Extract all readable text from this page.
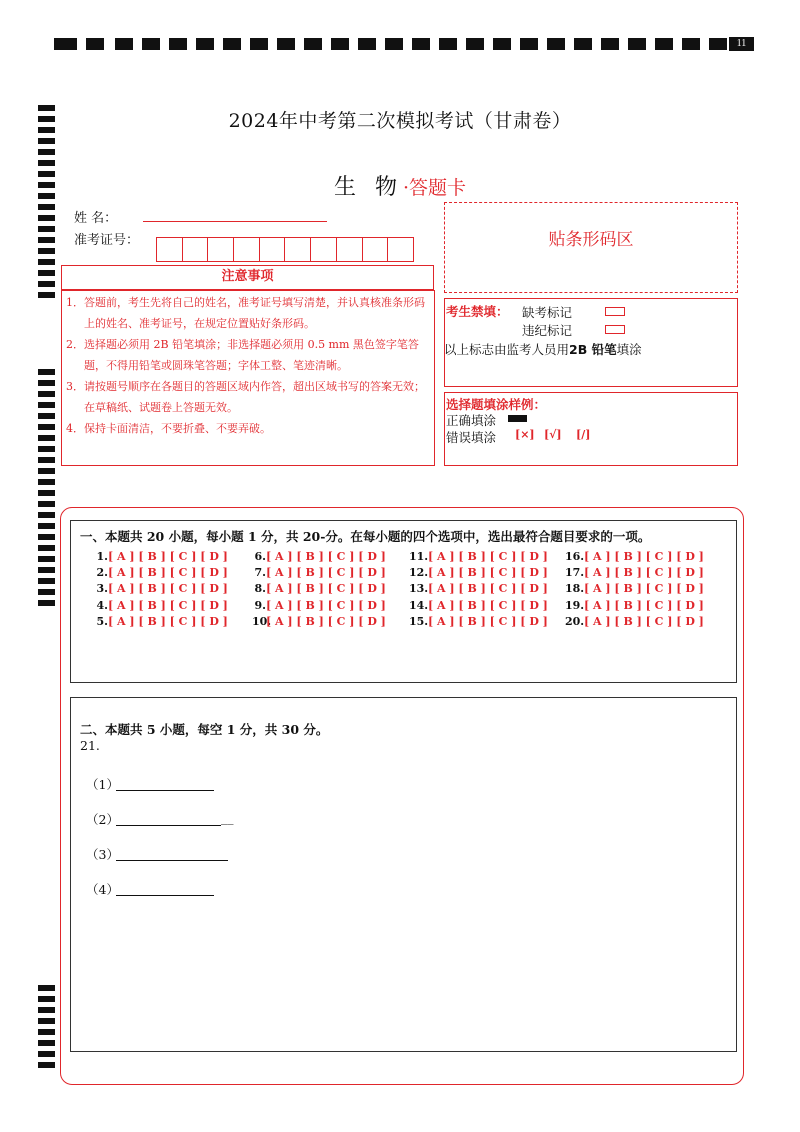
11
2024年中考第二次模拟考试（甘肃卷）
生 物·答题卡
姓 名：
准考证号：
注意事项
1．答题前，考生先将自己的姓名，准考证号填写清楚，并认真核准条形码上的姓名、准考证号，在规定位置贴好条形码。
2．选择题必须用 2B 铅笔填涂；非选择题必须用 0.5 mm 黑色签字笔答题，不得用铅笔或圆珠笔答题；字体工整、笔迹清晰。
3．请按题号顺序在各题目的答题区域内作答，超出区域书写的答案无效；在草稿纸、试题卷上答题无效。
4．保持卡面清洁，不要折叠、不要弄破。
贴条形码区
考生禁填： 缺考标记
违纪标记
以上标志由监考人员用2B 铅笔填涂
选择题填涂样例：
正确填涂
错误填涂 [×] [√] [/]
一、本题共 20 小题，每小题 1 分，共 20-分。在每小题的四个选项中，选出最符合题目要求的一项。
1.[ A ] [ B ] [ C ] [ D ]
2.[ A ] [ B ] [ C ] [ D ]
3.[ A ] [ B ] [ C ] [ D ]
4.[ A ] [ B ] [ C ] [ D ]
5.[ A ] [ B ] [ C ] [ D ]
6.[ A ] [ B ] [ C ] [ D ]
7.[ A ] [ B ] [ C ] [ D ]
8.[ A ] [ B ] [ C ] [ D ]
9.[ A ] [ B ] [ C ] [ D ]
10.[ A ] [ B ] [ C ] [ D ]
11.[ A ] [ B ] [ C ] [ D ]
12.[ A ] [ B ] [ C ] [ D ]
13.[ A ] [ B ] [ C ] [ D ]
14.[ A ] [ B ] [ C ] [ D ]
15.[ A ] [ B ] [ C ] [ D ]
16.[ A ] [ B ] [ C ] [ D ]
17.[ A ] [ B ] [ C ] [ D ]
18.[ A ] [ B ] [ C ] [ D ]
19.[ A ] [ B ] [ C ] [ D ]
20.[ A ] [ B ] [ C ] [ D ]
二、本题共 5 小题，每空 1 分，共 30 分。
21.
（1）
（2）	__
（3）
（4）
